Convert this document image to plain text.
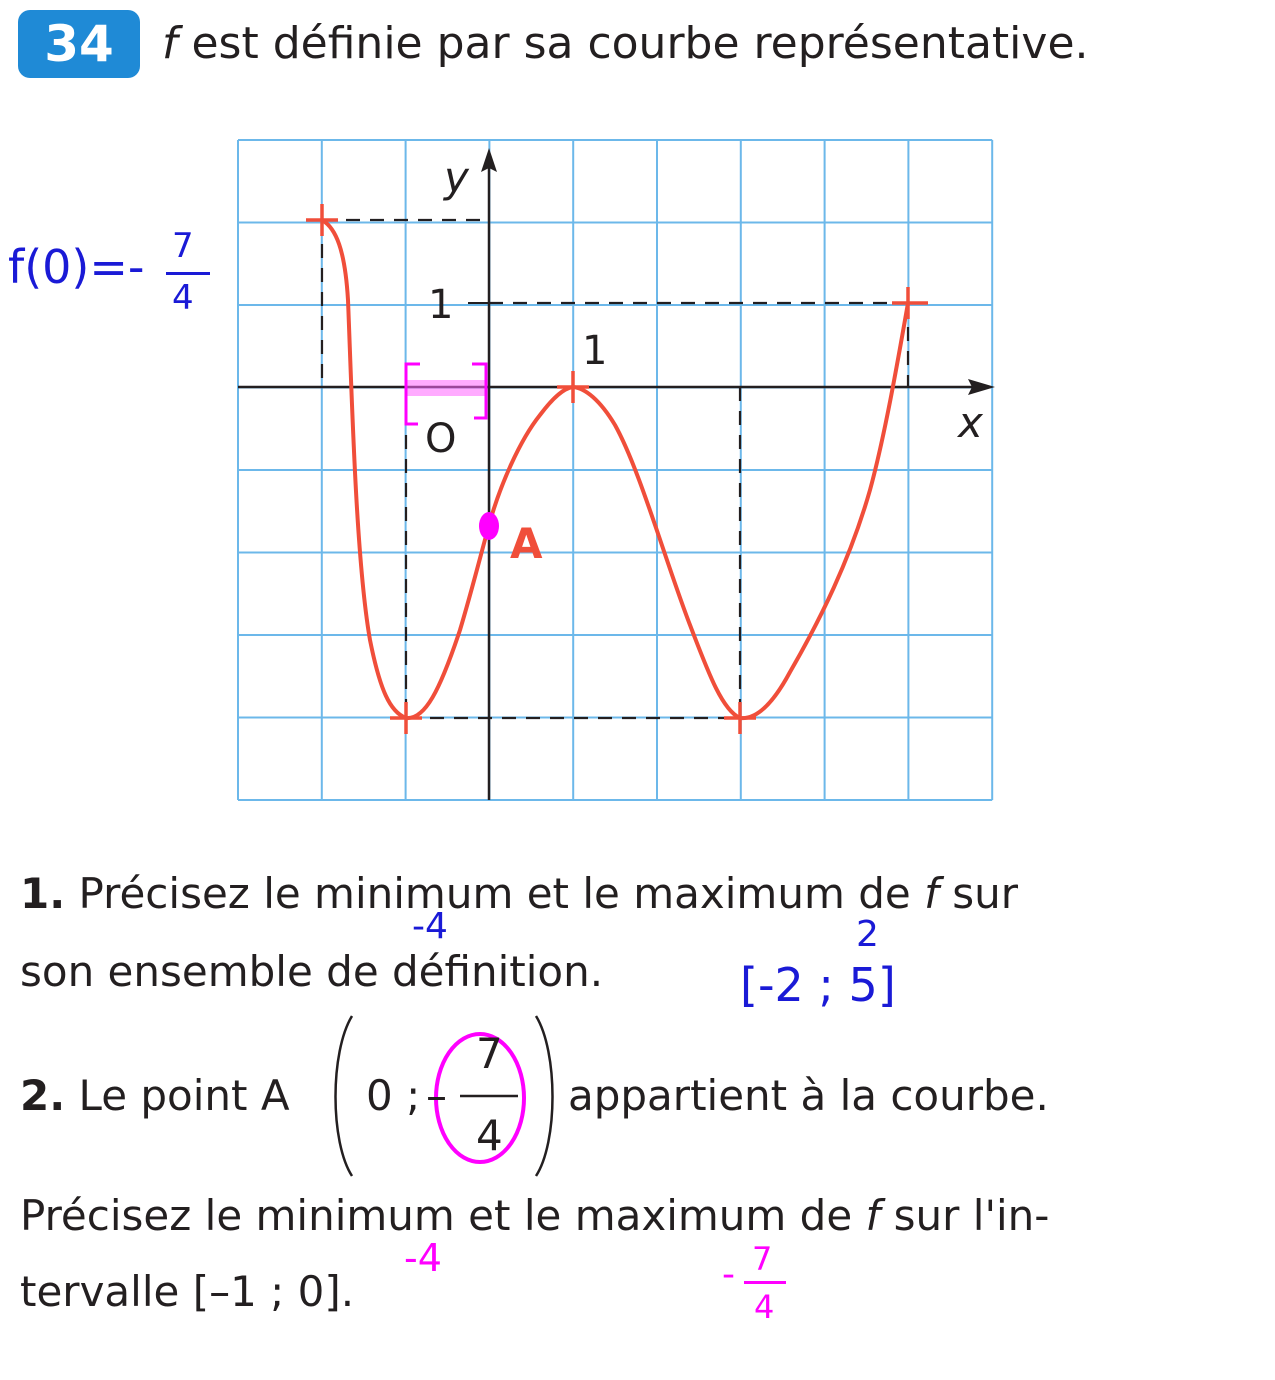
34	f est définie par sa courbe représentative.
y
x
O
1
1
A
f(0)=- 7
4
1. Précisez le minimum et le maximum de f sur
son ensemble de définition.
-4	2
[-2 ; 5]
2. Le point A 0 ; –
7
4
appartient à la courbe.
Précisez le minimum et le maximum de f sur l'in-
tervalle [–1 ; 0].
-4	- 7
4
